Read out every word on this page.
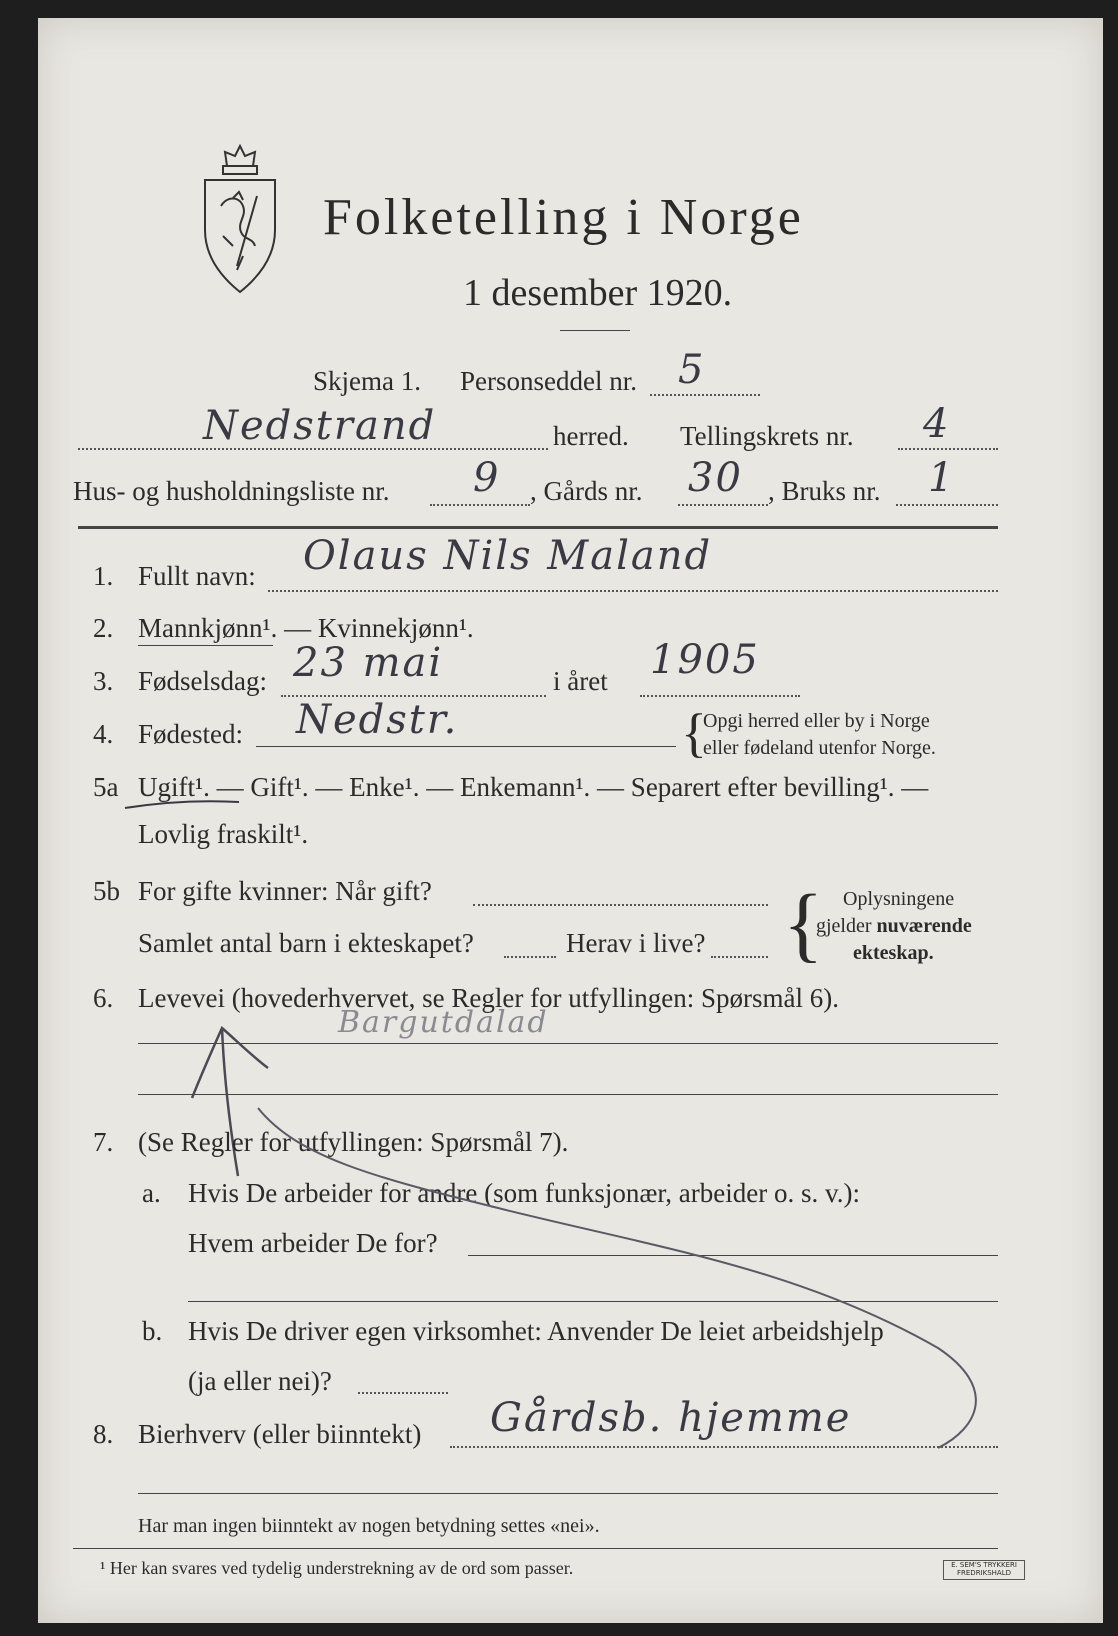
Folketelling i Norge
1 desember 1920.
Skjema 1. Personseddel nr. 5
Nedstrand	herred. Tellingskrets nr. 4
Hus- og husholdningsliste nr. 9 , Gårds nr. 30 , Bruks nr. 1
1. Fullt navn: Olaus Nils Maland
2. Mannkjønn¹. — Kvinnekjønn¹.
3. Fødselsdag: 23 mai	i året 1905
4. Fødested: Nedstr.	{
Opgi herred eller by i Norge
eller fødeland utenfor Norge.
5a Ugift¹. — Gift¹. — Enke¹. — Enkemann¹. — Separert efter bevilling¹. —
Lovlig fraskilt¹.
5b For gifte kvinner: Når gift?
Samlet antal barn i ekteskapet?	Herav i live? { Oplysningene
gjelder nuværende
ekteskap.
6. Levevei (hovederhvervet, se Regler for utfyllingen: Spørsmål 6).
Bargutdalad
7. (Se Regler for utfyllingen: Spørsmål 7).
a. Hvis De arbeider for andre (som funksjonær, arbeider o. s. v.):
Hvem arbeider De for?
b. Hvis De driver egen virksomhet: Anvender De leiet arbeidshjelp
(ja eller nei)?
8. Bierhverv (eller biinntekt) Gårdsb. hjemme
Har man ingen biinntekt av nogen betydning settes «nei».
¹ Her kan svares ved tydelig understrekning av de ord som passer.	E. SEM'S TRYKKERI FREDRIKSHALD
